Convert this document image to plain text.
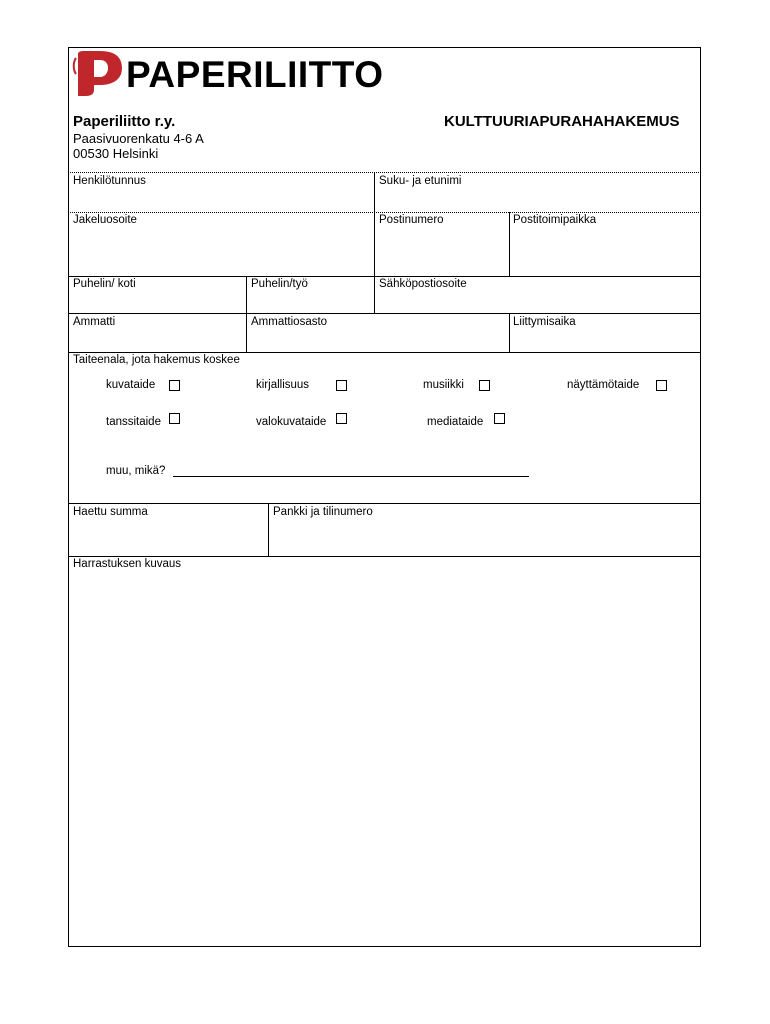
PAPERILIITTO
Paperiliitto r.y.
Paasivuorenkatu 4-6 A
00530 Helsinki
KULTTUURIAPURAHAHAKEMUS
Henkilötunnus	Suku- ja etunimi
Jakeluosoite	Postinumero	Postitoimipaikka
Puhelin/ koti	Puhelin/työ	Sähköpostiosoite
Ammatti	Ammattiosasto	Liittymisaika
Taiteenala, jota hakemus koskee
kuvataide	kirjallisuus	musiikki	näyttämötaide
tanssitaide	valokuvataide	mediataide
muu, mikä?
Haettu summa	Pankki ja tilinumero
Harrastuksen kuvaus
